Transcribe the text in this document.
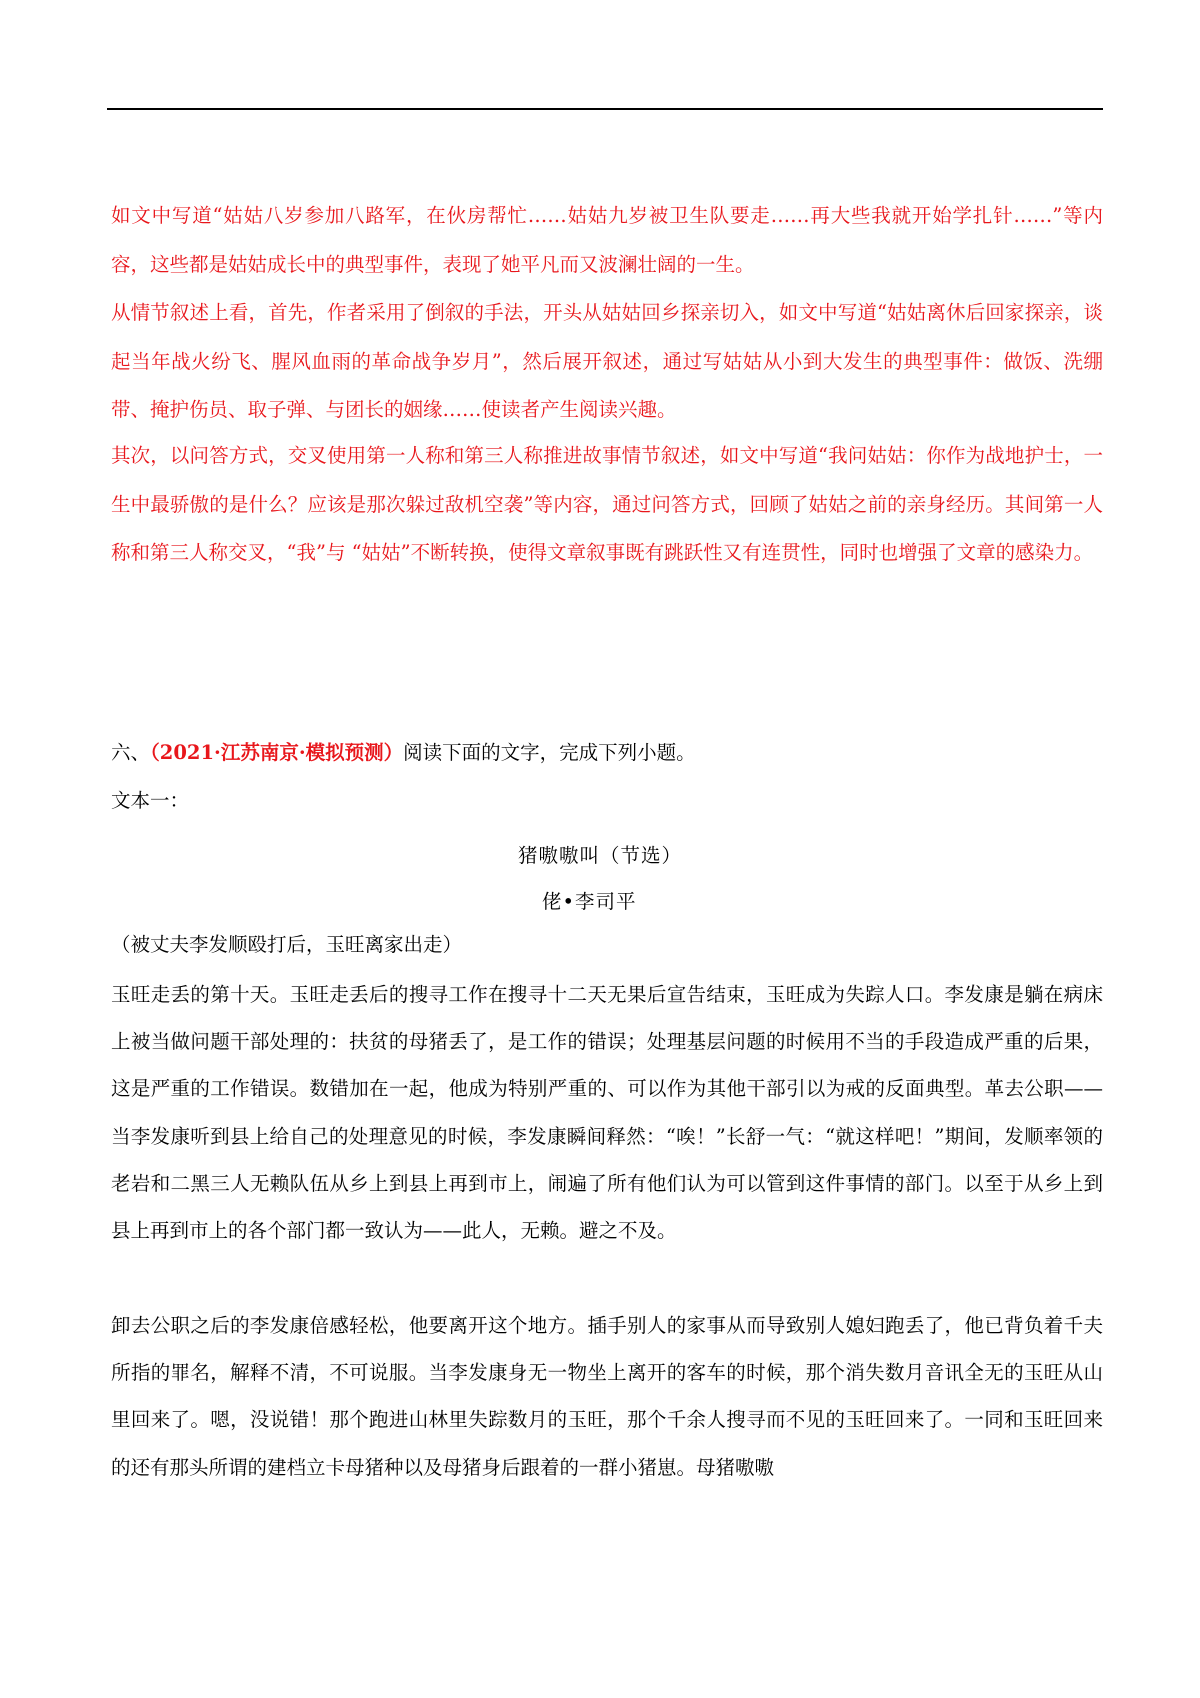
如文中写道“姑姑八岁参加八路军，在伙房帮忙……姑姑九岁被卫生队要走……再大些我就开始学扎针……”等内容，这些都是姑姑成长中的典型事件，表现了她平凡而又波澜壮阔的一生。

从情节叙述上看，首先，作者采用了倒叙的手法，开头从姑姑回乡探亲切入，如文中写道“姑姑离休后回家探亲，谈起当年战火纷飞、腥风血雨的革命战争岁月”，然后展开叙述，通过写姑姑从小到大发生的典型事件：做饭、洗绷带、掩护伤员、取子弹、与团长的姻缘……使读者产生阅读兴趣。

其次，以问答方式，交叉使用第一人称和第三人称推进故事情节叙述，如文中写道“我问姑姑：你作为战地护士，一生中最骄傲的是什么？应该是那次躲过敌机空袭”等内容，通过问答方式，回顾了姑姑之前的亲身经历。其间第一人称和第三人称交叉，“我”与 “姑姑”不断转换，使得文章叙事既有跳跃性又有连贯性，同时也增强了文章的感染力。

六、（2021·江苏南京·模拟预测）阅读下面的文字，完成下列小题。

文本一：

猪嗷嗷叫（节选）

佬•李司平

（被丈夫李发顺殴打后，玉旺离家出走）

玉旺走丢的第十天。玉旺走丢后的搜寻工作在搜寻十二天无果后宣告结束，玉旺成为失踪人口。李发康是躺在病床上被当做问题干部处理的：扶贫的母猪丢了，是工作的错误；处理基层问题的时候用不当的手段造成严重的后果，这是严重的工作错误。数错加在一起，他成为特别严重的、可以作为其他干部引以为戒的反面典型。革去公职——当李发康听到县上给自己的处理意见的时候，李发康瞬间释然：“唉！”长舒一气：“就这样吧！”期间，发顺率领的老岩和二黑三人无赖队伍从乡上到县上再到市上，闹遍了所有他们认为可以管到这件事情的部门。以至于从乡上到县上再到市上的各个部门都一致认为——此人，无赖。避之不及。

卸去公职之后的李发康倍感轻松，他要离开这个地方。插手别人的家事从而导致别人媳妇跑丢了，他已背负着千夫所指的罪名，解释不清，不可说服。当李发康身无一物坐上离开的客车的时候，那个消失数月音讯全无的玉旺从山里回来了。嗯，没说错！那个跑进山林里失踪数月的玉旺，那个千余人搜寻而不见的玉旺回来了。一同和玉旺回来的还有那头所谓的建档立卡母猪种以及母猪身后跟着的一群小猪崽。母猪嗷嗷
